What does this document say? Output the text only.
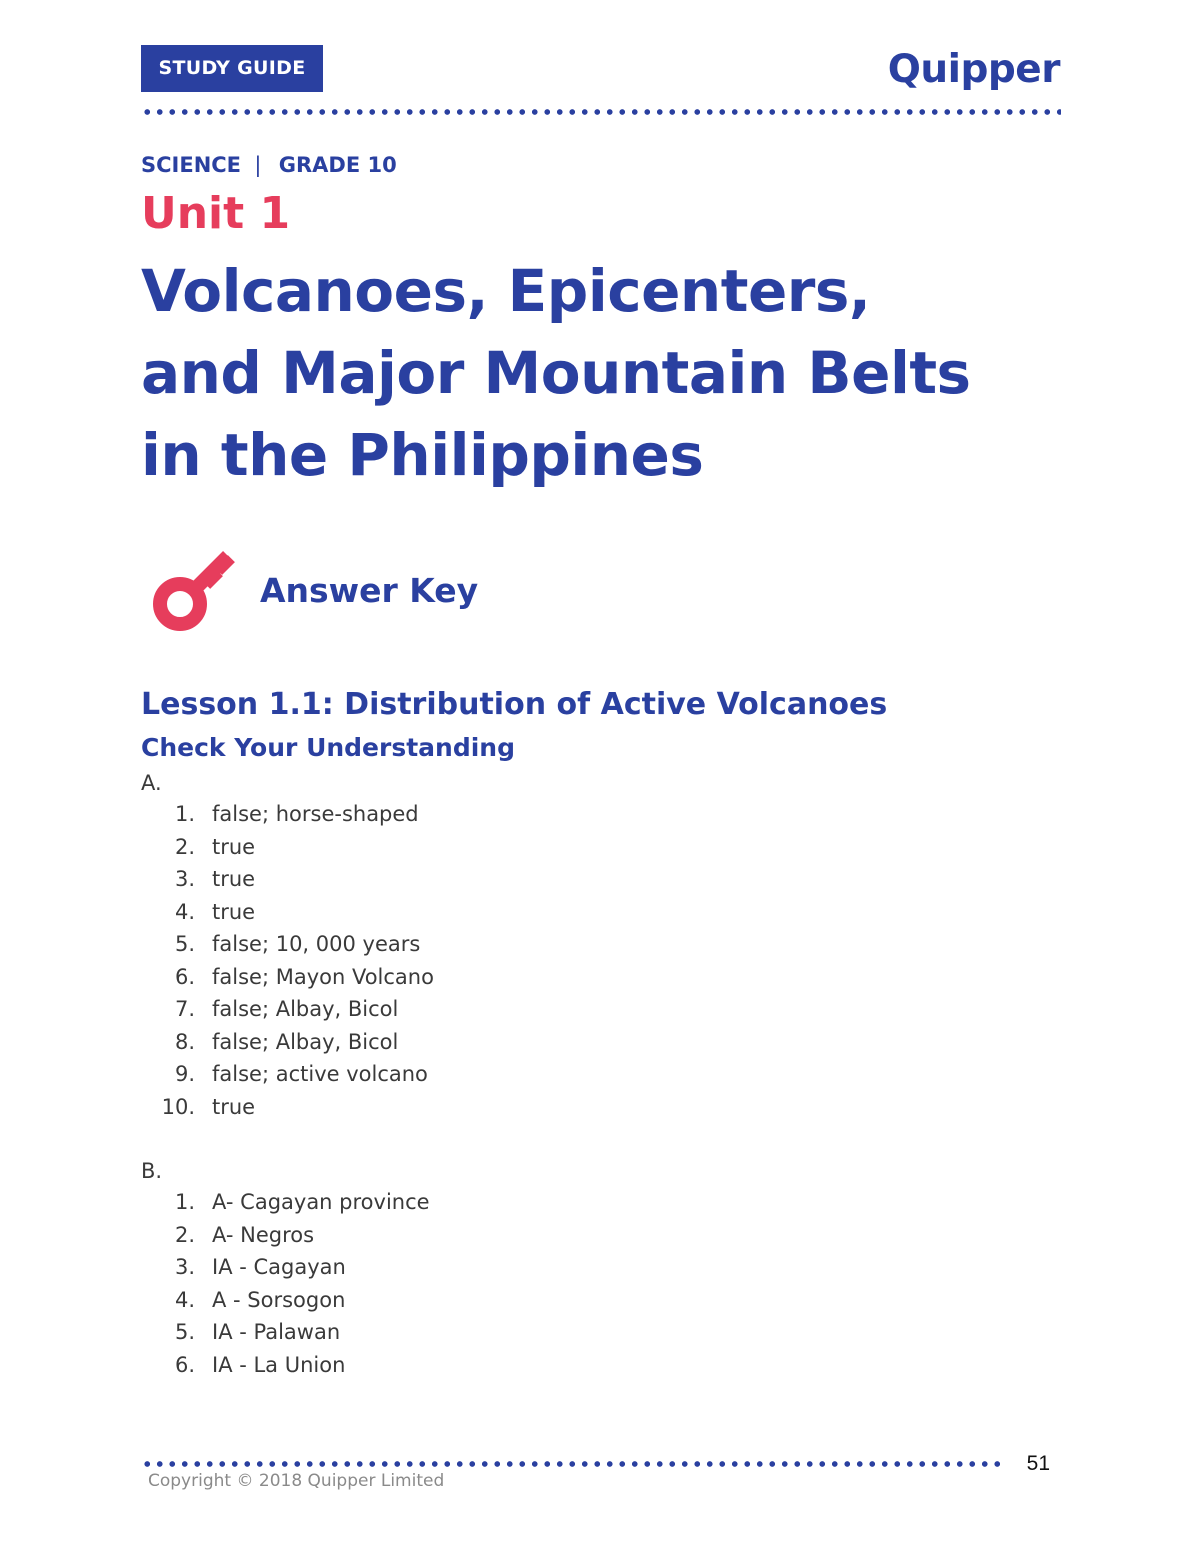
STUDY GUIDE	Quipper
SCIENCE | GRADE 10
Unit 1
Volcanoes, Epicenters,
and Major Mountain Belts
in the Philippines
Answer Key
Lesson 1.1: Distribution of Active Volcanoes
Check Your Understanding
A.
1. false; horse-shaped
2. true
3. true
4. true
5. false; 10, 000 years
6. false; Mayon Volcano
7. false; Albay, Bicol
8. false; Albay, Bicol
9. false; active volcano
10. true
B.
1. A- Cagayan province
2. A- Negros
3. IA - Cagayan
4. A - Sorsogon
5. IA - Palawan
6. IA - La Union
51
Copyright © 2018 Quipper Limited
